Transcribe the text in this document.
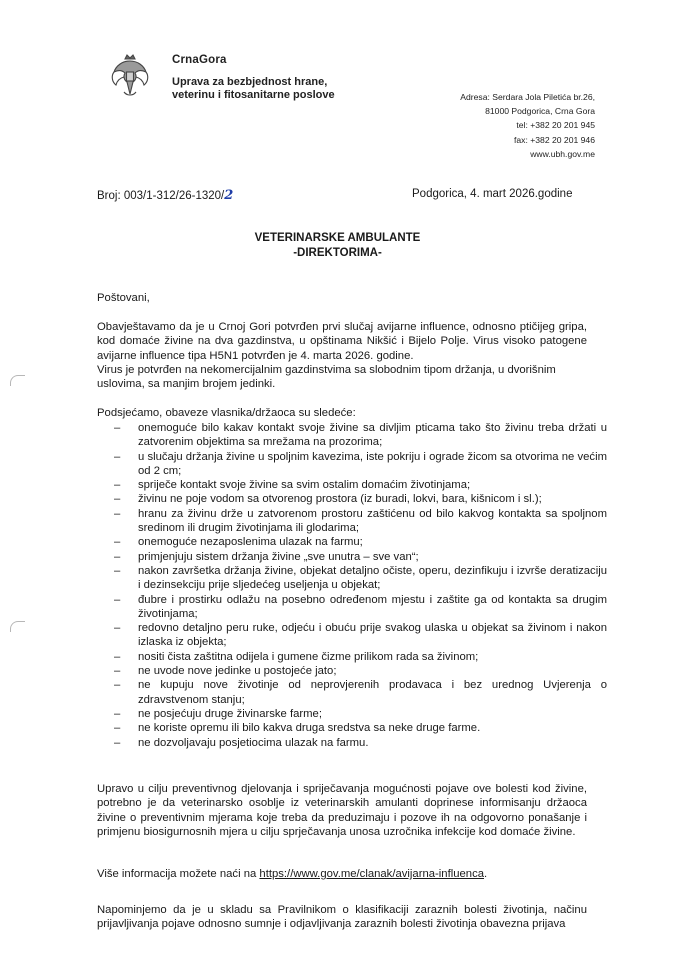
CrnaGora
Uprava za bezbjednost hrane, veterinu i fitosanitarne poslove	Adresa: Serdara Jola Piletića br.26,
81000 Podgorica, Crna Gora
tel: +382 20 201 945
fax: +382 20 201 946
www.ubh.gov.me
Broj: 003/1-312/26-1320/2	Podgorica, 4. mart 2026.godine
VETERINARSKE AMBULANTE
-DIREKTORIMA-
Poštovani,
Obavještavamo da je u Crnoj Gori potvrđen prvi slučaj avijarne influence, odnosno ptičijeg gripa, kod domaće živine na dva gazdinstva, u opštinama Nikšić i Bijelo Polje. Virus visoko patogene avijarne influence tipa H5N1 potvrđen je 4. marta 2026. godine.
Virus je potvrđen na nekomercijalnim gazdinstvima sa slobodnim tipom držanja, u dvorišnim uslovima, sa manjim brojem jedinki.
Podsjećamo, obaveze vlasnika/držaoca su sledeće:
– onemoguće bilo kakav kontakt svoje živine sa divljim pticama tako što živinu treba držati u zatvorenim objektima sa mrežama na prozorima;
– u slučaju držanja živine u spoljnim kavezima, iste pokriju i ograde žicom sa otvorima ne većim od 2 cm;
– spriječe kontakt svoje živine sa svim ostalim domaćim životinjama;
– živinu ne poje vodom sa otvorenog prostora (iz buradi, lokvi, bara, kišnicom i sl.);
– hranu za živinu drže u zatvorenom prostoru zaštićenu od bilo kakvog kontakta sa spoljnom sredinom ili drugim životinjama ili glodarima;
– onemoguće nezaposlenima ulazak na farmu;
– primjenjuju sistem držanja živine „sve unutra – sve van“;
– nakon završetka držanja živine, objekat detaljno očiste, operu, dezinfikuju i izvrše deratizaciju i dezinsekciju prije sljedećeg useljenja u objekat;
– đubre i prostirku odlažu na posebno određenom mjestu i zaštite ga od kontakta sa drugim životinjama;
– redovno detaljno peru ruke, odjeću i obuću prije svakog ulaska u objekat sa živinom i nakon izlaska iz objekta;
– nositi čista zaštitna odijela i gumene čizme prilikom rada sa živinom;
– ne uvode nove jedinke u postojeće jato;
– ne kupuju nove životinje od neprovjerenih prodavaca i bez urednog Uvjerenja o zdravstvenom stanju;
– ne posjećuju druge živinarske farme;
– ne koriste opremu ili bilo kakva druga sredstva sa neke druge farme.
– ne dozvoljavaju posjetiocima ulazak na farmu.
Upravo u cilju preventivnog djelovanja i spriječavanja mogućnosti pojave ove bolesti kod živine, potrebno je da veterinarsko osoblje iz veterinarskih amulanti doprinese informisanju držaoca živine o preventivnim mjerama koje treba da preduzimaju i pozove ih na odgovorno ponašanje i primjenu biosigurnosnih mjera u cilju sprječavanja unosa uzročnika infekcije kod domaće živine.
Više informacija možete naći na https://www.gov.me/clanak/avijarna-influenca.
Napominjemo da je u skladu sa Pravilnikom o klasifikaciji zaraznih bolesti životinja, načinu prijavljivanja pojave odnosno sumnje i odjavljivanja zaraznih bolesti životinja obavezna prijava
